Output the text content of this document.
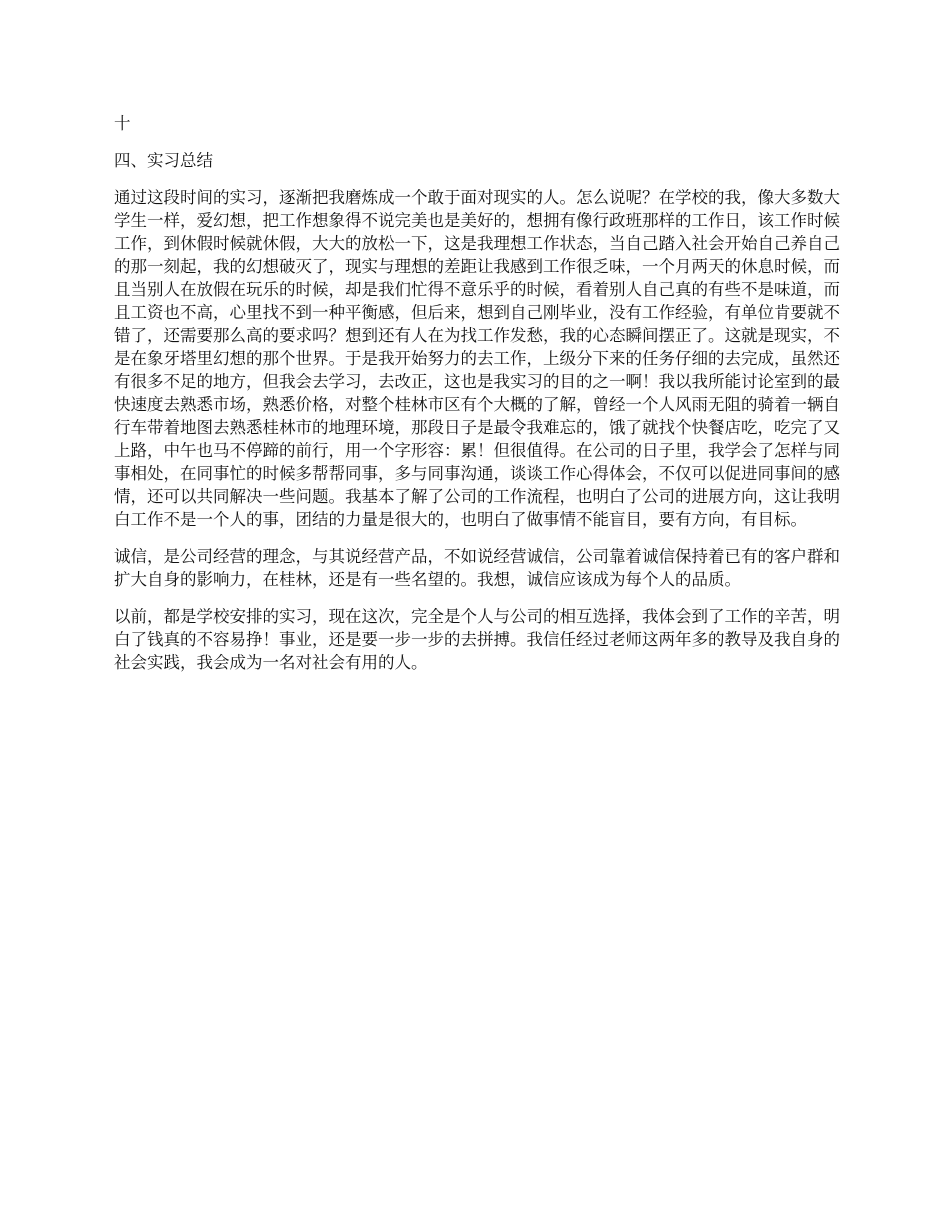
十
四、实习总结

通过这段时间的实习，逐渐把我磨炼成一个敢于面对现实的人。怎么说呢？在学校的我，像大多数大学生一样，爱幻想，把工作想象得不说完美也是美好的，想拥有像行政班那样的工作日，该工作时候工作，到休假时候就休假，大大的放松一下，这是我理想工作状态，当自己踏入社会开始自己养自己的那一刻起，我的幻想破灭了，现实与理想的差距让我感到工作很乏味，一个月两天的休息时候，而且当别人在放假在玩乐的时候，却是我们忙得不意乐乎的时候，看着别人自己真的有些不是味道，而且工资也不高，心里找不到一种平衡感，但后来，想到自己刚毕业，没有工作经验，有单位肯要就不错了，还需要那么高的要求吗？想到还有人在为找工作发愁，我的心态瞬间摆正了。这就是现实，不是在象牙塔里幻想的那个世界。于是我开始努力的去工作，上级分下来的任务仔细的去完成，虽然还有很多不足的地方，但我会去学习，去改正，这也是我实习的目的之一啊！我以我所能讨论室到的最快速度去熟悉市场，熟悉价格，对整个桂林市区有个大概的了解，曾经一个人风雨无阻的骑着一辆自行车带着地图去熟悉桂林市的地理环境，那段日子是最令我难忘的，饿了就找个快餐店吃，吃完了又上路，中午也马不停蹄的前行，用一个字形容：累！但很值得。在公司的日子里，我学会了怎样与同事相处，在同事忙的时候多帮帮同事，多与同事沟通，谈谈工作心得体会，不仅可以促进同事间的感情，还可以共同解决一些问题。我基本了解了公司的工作流程，也明白了公司的进展方向，这让我明白工作不是一个人的事，团结的力量是很大的，也明白了做事情不能盲目，要有方向，有目标。

诚信，是公司经营的理念，与其说经营产品，不如说经营诚信，公司靠着诚信保持着已有的客户群和扩大自身的影响力，在桂林，还是有一些名望的。我想，诚信应该成为每个人的品质。

以前，都是学校安排的实习，现在这次，完全是个人与公司的相互选择，我体会到了工作的辛苦，明白了钱真的不容易挣！事业，还是要一步一步的去拼搏。我信任经过老师这两年多的教导及我自身的社会实践，我会成为一名对社会有用的人。
